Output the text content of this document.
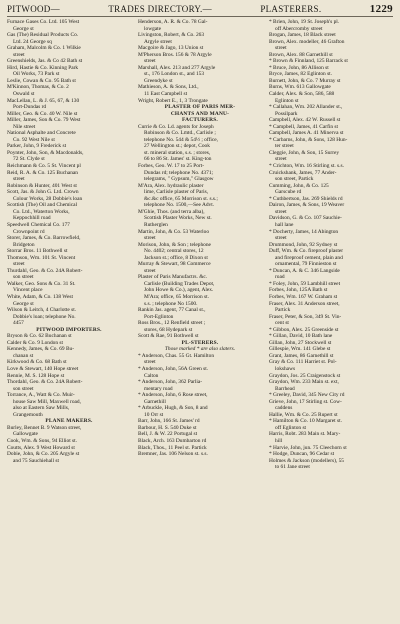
PITWOOD—	TRADES DIRECTORY.—	PLASTERERS.	1229
Furnace Gases Co. Ltd. 105 West
George st
Gas (The) Residual Products Co.
Ltd. 24 George sq
Graham, Malcolm & Co. 1 Wilkie
street
Greenshields, Jas. & Co 42 Bath st
Hird, Hastie & Co. Kinning Park
Oil Works, 73 Park st
Leslie, Cowan & Co. 95 Bath st
M'Kinnon, Thomas, & Co. 2
Oswald st
MacLellan, L. & J. 65, 67, & 130
Port-Dundas rd
Miller, Geo. & Co. 40 W. Nile st
Miller, James, Son & Co. 79 West
Nile street
National Asphalte and Concrete
Co. 92 West Nile st
Parker, John, 9 Frederick st
Poynter, John, Son, & Macdonalds,
72 St. Clyde st
Reichmann & Co. 5 St. Vincent pl
Reid, R. A. & Co. 125 Buchanan
street
Robinson & Hunter, 401 West st
Scott, Jas. & John G. Ltd. Crown
Colour Works, 28 Dobbie's loan
Scottish (The) Oil and Chemical
Co. Ltd., Waterton Works,
Keppochhill road
Speedwell Chemical Co. 177
Crownpoint rd
Storer, James, & Co. Barrowfield,
Bridgeton
Storrar Bros. 11 Bothwell st
Thomson, Wm. 101 St. Vincent
street
Thurdahl, Geo. & Co. 24A Robert-
son street
Walker, Geo. Sons & Co. 31 St.
Vincent place
White, Adam, & Co. 138 West
George st
Wilson & Leitch, 4 Charlotte st.
Dobbie's loan; telephone No.
4457
PITWOOD IMPORTERS.
Bryson & Co. 62 Buchanan st
Calder & Co. 9 London st
Kennedy, James, & Co. 69 Bu-
chanan st
Kirkwood & Co. 68 Bath st
Love & Stewart, 140 Hope street
Rennie, M. S. 128 Hope st
Thordahl, Geo. & Co. 24A Robert-
son street
Torrance, A., Watt & Co. Muir-
house Saw Mill, Maxwell road,
also at Eastern Saw Mills,
Grangemouth
PLANE MAKERS.
Burley, Bennet B. 9 Watson street,
Gallowgate
Cook, Wm. & Sons, 94 Elliot st.
Coutts, Alex. 9 West Howard st
Dobie, John, & Co. 205 Argyle st
and 75 Sauchiehall st
Henderson, A. R. & Co. 78 Gal-
lowgate
Livingston, Robert, & Co. 263
Argyle street
Macgoire & Jago, 13 Union st
M'Pherson Bros. 156 & 78 Argyle
street
Marshall, Alex. 213 and 277 Argyle
st., 176 London st., and 153
Greendyke st
Mathieson, A. & Sons, Ltd.,
11 East Campbell st
Wright, Robert E., 1, 3 Trongate
PLASTER OF PARIS MER-
CHANTS AND MANU-
FACTURERS.
Currie & Co. Ld. agents for Joseph
Robinson & Co. Lmtd., Carlisle ;
telephone No. 544 & 54½ ; office,
27 Wellington st.; depot, Cook
st. mineral station, s.s. ; stores,
66 to 86 St. James' st. King-ton
Forbes, Geo. W. 17 to 25 Port-
Dundas rd; telephone No. 4371;
telegrams, " Gypsum," Glasgow
M'Ara, Alex. hydraulic plaster
lime, Carlisle plaster of Paris,
&c.&c office, 65 Morrison st. s.s.;
telephone No. 1500,—See Advt.
M'Ghie, Thos. (and terra alba),
Scottish Plaster Works, New st.
Rutherglen
Martin, John, & Co. 53 Waterloo
street
Morison, John, & Son ; telephone
No. 4402; central stores, 12
Jackson st.; office, 8 Dixon st
Murray & Stewart, 98 Commerce
street
Plaster of Paris Manufactrs. &c.
Carlisle (Building Trades Depot,
John Howe & Co.), agent, Alex.
M'Ara; office, 65 Morrison st.
s.s. ; telephone No 1500.
Rankin Jas. agent, 77 Canal st.,
Port-Eglinton
Ross Bros., 12 Renfield street ;
stores, 68 Hydepark st
Scott & Rae, 91 Bothwell st
PL-STERERS.
Those marked * are also slaters.
* Anderson, Chas. 55 Gt. Hamilton
street
* Anderson, John, 56A Green st.
Calton
* Anderson, John, 362 Parlia-
mentary road
* Anderson, John, 6 Rose street,
Garnethill
* Arbuckle, Hugh, & Son, 8 and
10 Orr st
Barr, John, 166 St. James' rd
Barbour, H. S. 540 Duke st
Bell, J. & W. 22 Portugal st
Black, Arch. 163 Dumbarton rd
Black, Thos., 11 Peel st. Partick
Bremner, Jas. 106 Nelson st. s.s.
* Brien, John, 19 St. Joseph's pl.
off Abercromby street
Brogan, James, 18 Black street
Brown, Alex. modeller, 46 Grafton
street
Brown, Alex. 88 Garnethill st
* Brown & Finnland, 125 Barrack st
* Bruce, John, 86 Allison st
Bryce, James, 82 Eglinton st.
Burnett, John, & Co. 7 Murray st
Burns, Wm. 613 Gallowgate
Calder, Alex. & Son, 586, 588
Eglinton st
* Callahan, Wm. 202 Allander st.,
Possilpark
Campbell, Alex. 42 W. Russell st
* Campbell, James, 41 Carfin st
Campbell, James A. 41 Minerva st
* Carbarns, John, & Sons, 128 Hun-
ter street
Cleggie, John, & Son, 15 Surrey
street
* Crichton, Wm. 16 Stirling st. s.s.
Cruickshank, James, 77 Ander-
son street, Partick
Cumming, John, & Co. 125
Garscube rd
* Cuthbertson, Jas. 269 Shields rd
Dairon, James, & Sons, 19 Weaver
street
Davidson, G. & Co. 107 Sauchie-
hall lane
* Docherty, James, 14 Abington
street
Drummond, John, 92 Sydney st
Duff, Wm. & Co. fireproof plaster
and fireproof cement, plain and
ornamental, 79 Finnieston st
* Duncan, A. & C. 346 Langside
road
* Foley, John, 59 Lambhill street
Forbes, John, 125A Bath st
Forbes, Wm. 167 W. Graham st
Fraser, Alex. 31 Anderson street,
Partick
Fraser, Peter, & Son, 349 St. Vin-
cent st
* Gibbon, Alex. 25 Greenside st
* Gillan, David, 10 Bath lane
Gillan, John, 27 Stockwell st
Gillespie, Wm. 141 Glebe st
Grant, James, 86 Garnethill st
Gray & Co. 111 Harriet st. Pol-
lokshaws
Graydon, Jos. 25 Craigenstock st
Graydon, Wm. 233 Main st. ext,
Barrhead
* Greeley, David, 345 New City rd
Grieve, John, 17 Stirling st. Cow-
caddens
Hallie, Wm. & Co. 25 Rupert st
* Hamilton & Co. 10 Margaret st.
off Eglinton st
Harris, Robt. 283 Main st. Mary-
hill
* Harvie, John, jun. 75 Cleechorn st
* Hodge, Duncan, 96 Cedar st
Holmes & Jackson (modellers), 55
to 61 Jane street
